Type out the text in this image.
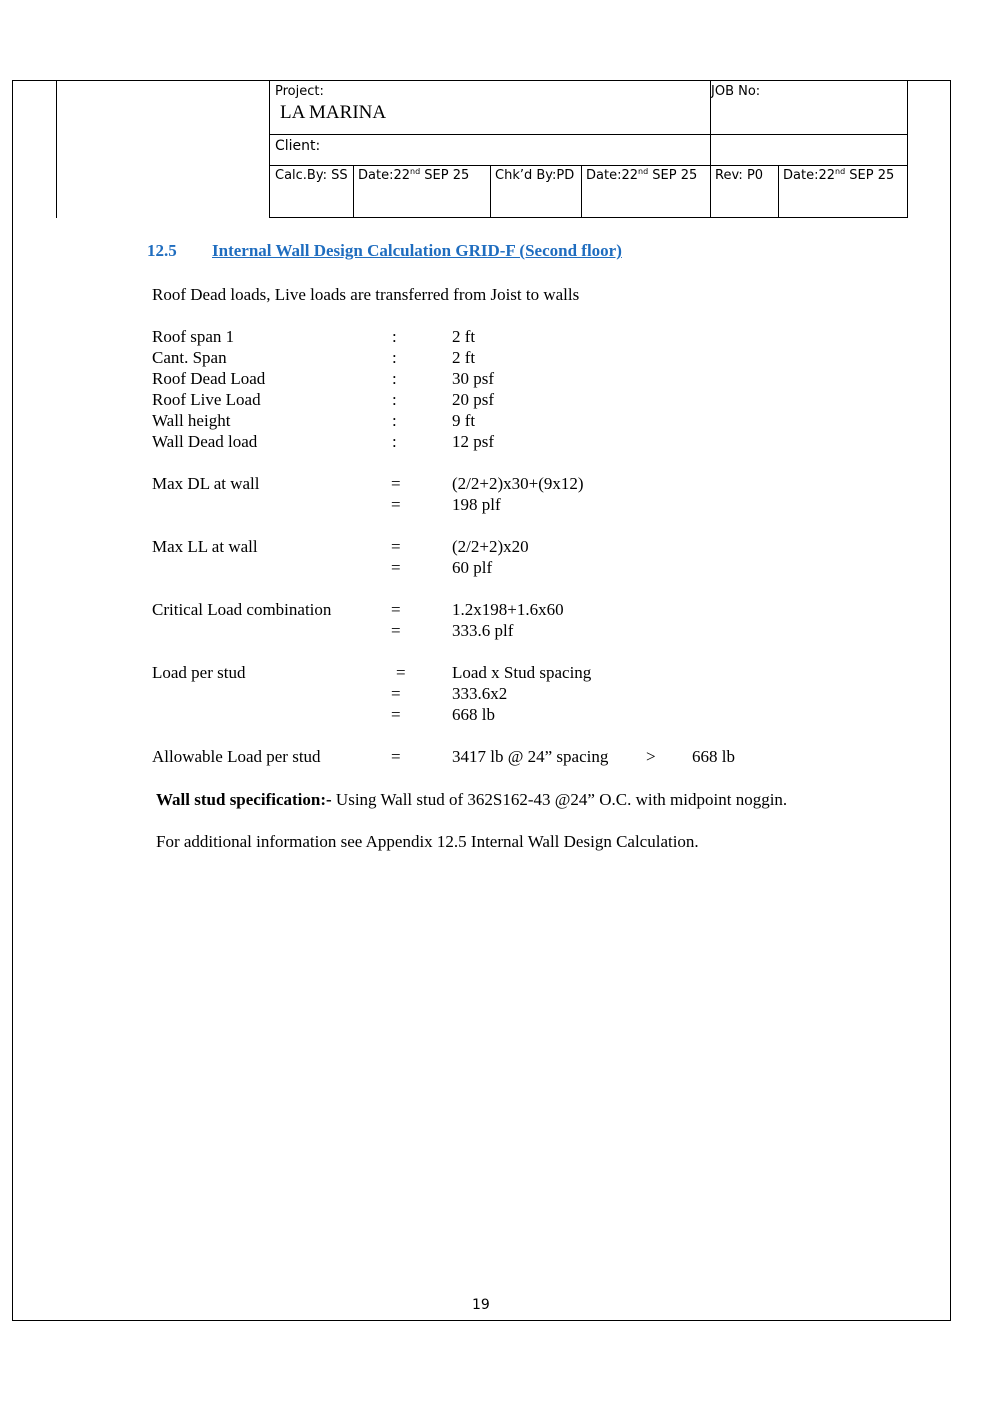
Project:
LA MARINA
JOB No:
Client:
Calc.By: SS Date:22nd SEP 25 Chk’d By:PD Date:22nd SEP 25 Rev: P0 Date:22nd SEP 25
12.5 Internal Wall Design Calculation GRID-F (Second floor)
Roof Dead loads, Live loads are transferred from Joist to walls
Roof span 1	:	2 ft
Cant. Span	:	2 ft
Roof Dead Load	:	30 psf
Roof Live Load	:	20 psf
Wall height	:	9 ft
Wall Dead load	:	12 psf
Max DL at wall	=	(2/2+2)x30+(9x12)
=	198 plf
Max LL at wall	=	(2/2+2)x20
=	60 plf
Critical Load combination	=	1.2x198+1.6x60
=	333.6 plf
Load per stud	=	Load x Stud spacing
=	333.6x2
=	668 lb
Allowable Load per stud	=	3417 lb @ 24” spacing > 668 lb
Wall stud specification:- Using Wall stud of 362S162-43 @24” O.C. with midpoint noggin.
For additional information see Appendix 12.5 Internal Wall Design Calculation.
19
